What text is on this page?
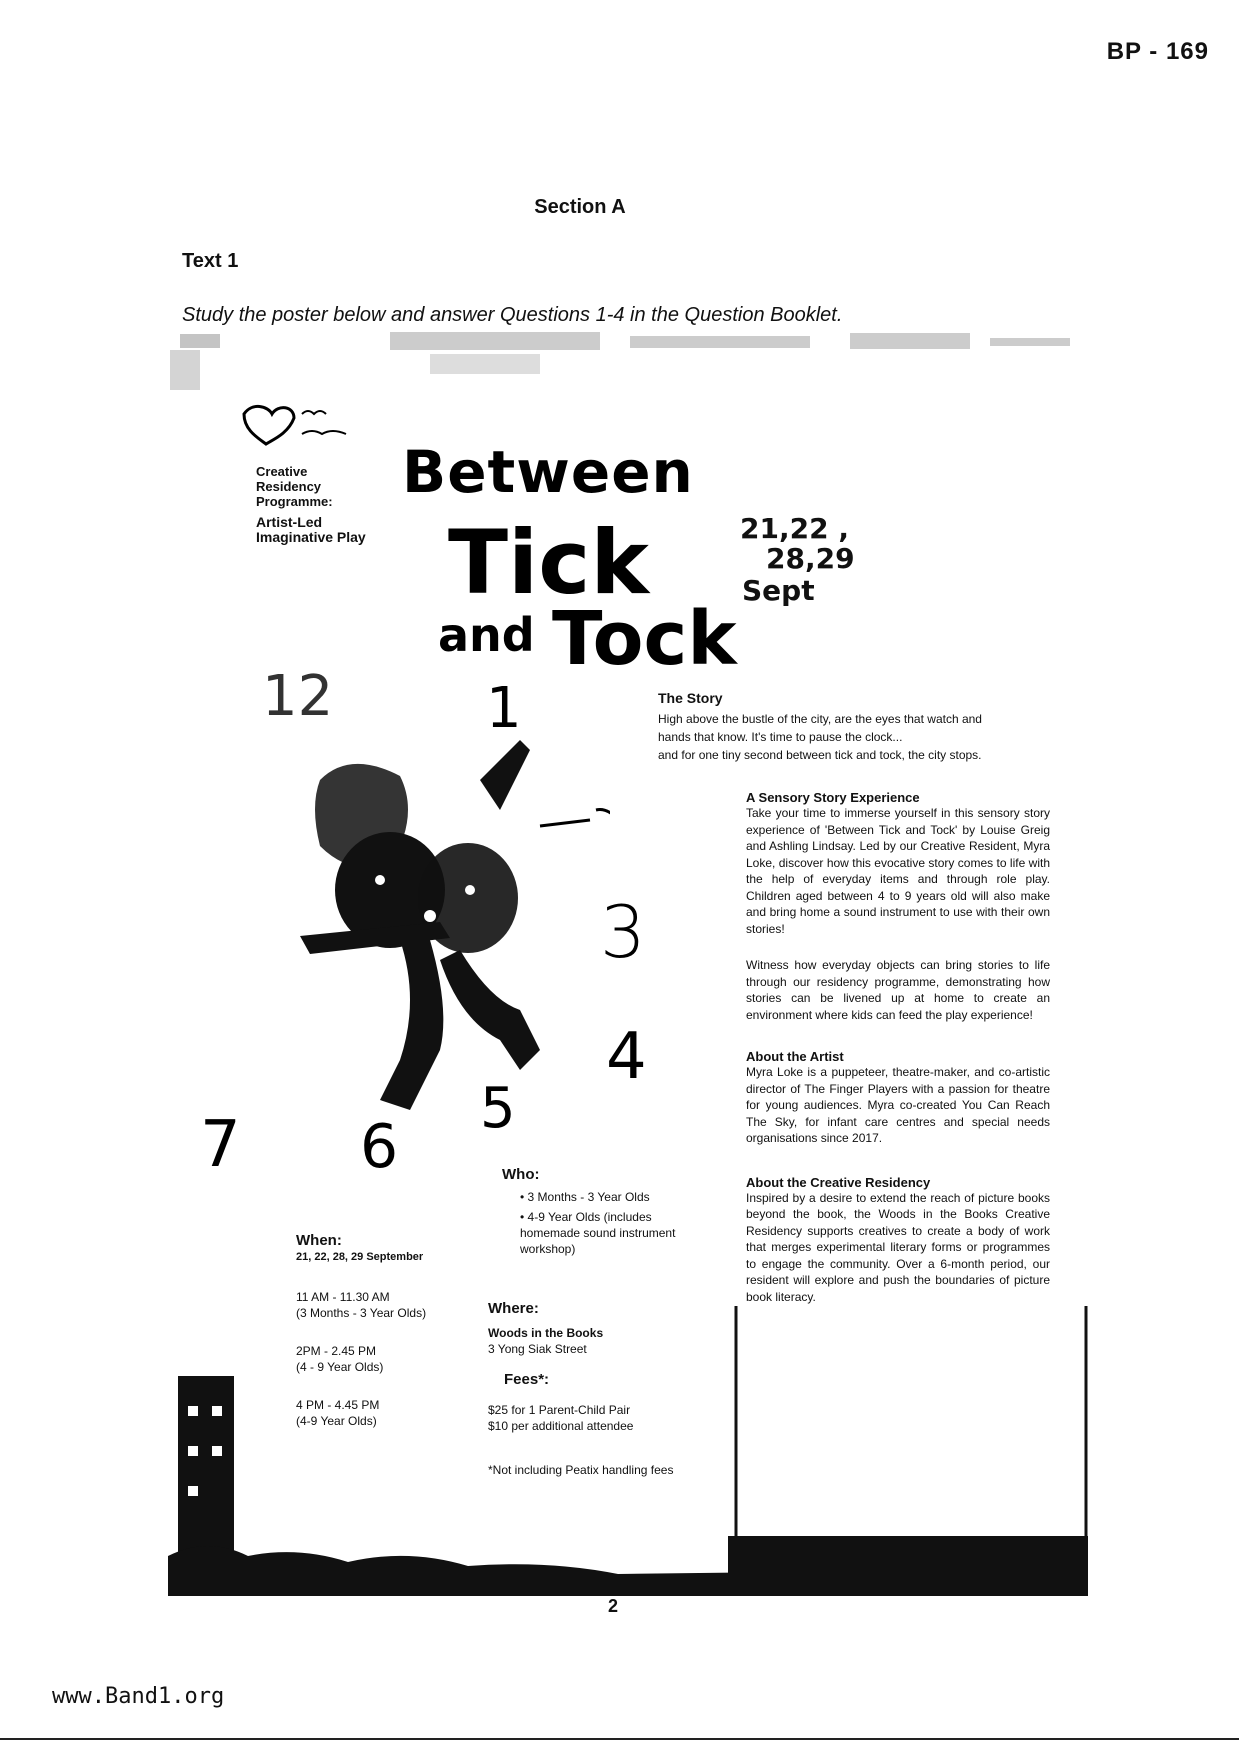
BP - 169
Section A
Text 1
Study the poster below and answer Questions 1-4 in the Question Booklet.
Creative
Residency
Programme:
Artist-Led
Imaginative Play
Between
Tick
and Tock
21,22 ,
28,29
Sept
12	1
3
4
5
6
7
The Story
High above the bustle of the city, are the eyes that watch and
hands that know. It's time to pause the clock...
and for one tiny second between tick and tock, the city stops.
A Sensory Story Experience
Take your time to immerse yourself in this sensory story experience of 'Between Tick and Tock' by Louise Greig and Ashling Lindsay. Led by our Creative Resident, Myra Loke, discover how this evocative story comes to life with the help of everyday items and through role play. Children aged between 4 to 9 years old will also make and bring home a sound instrument to use with their own stories!
Witness how everyday objects can bring stories to life through our residency programme, demonstrating how stories can be livened up at home to create an environment where kids can feed the play experience!
About the Artist
Myra Loke is a puppeteer, theatre-maker, and co-artistic director of The Finger Players with a passion for theatre for young audiences. Myra co-created You Can Reach The Sky, for infant care centres and special needs organisations since 2017.
About the Creative Residency
Inspired by a desire to extend the reach of picture books beyond the book, the Woods in the Books Creative Residency supports creatives to create a body of work that merges experimental literary forms or programmes to engage the community. Over a 6-month period, our resident will explore and push the boundaries of picture book literacy.
Who:
• 3 Months - 3 Year Olds
• 4-9 Year Olds (includes homemade sound instrument workshop)
When:
21, 22, 28, 29 September
11 AM - 11.30 AM
(3 Months - 3 Year Olds)
2PM - 2.45 PM
(4 - 9 Year Olds)
4 PM - 4.45 PM
(4-9 Year Olds)
Where:
Woods in the Books
3 Yong Siak Street
Fees*:
$25 for 1 Parent-Child Pair
$10 per additional attendee
*Not including Peatix handling fees
2
www.Band1.org
